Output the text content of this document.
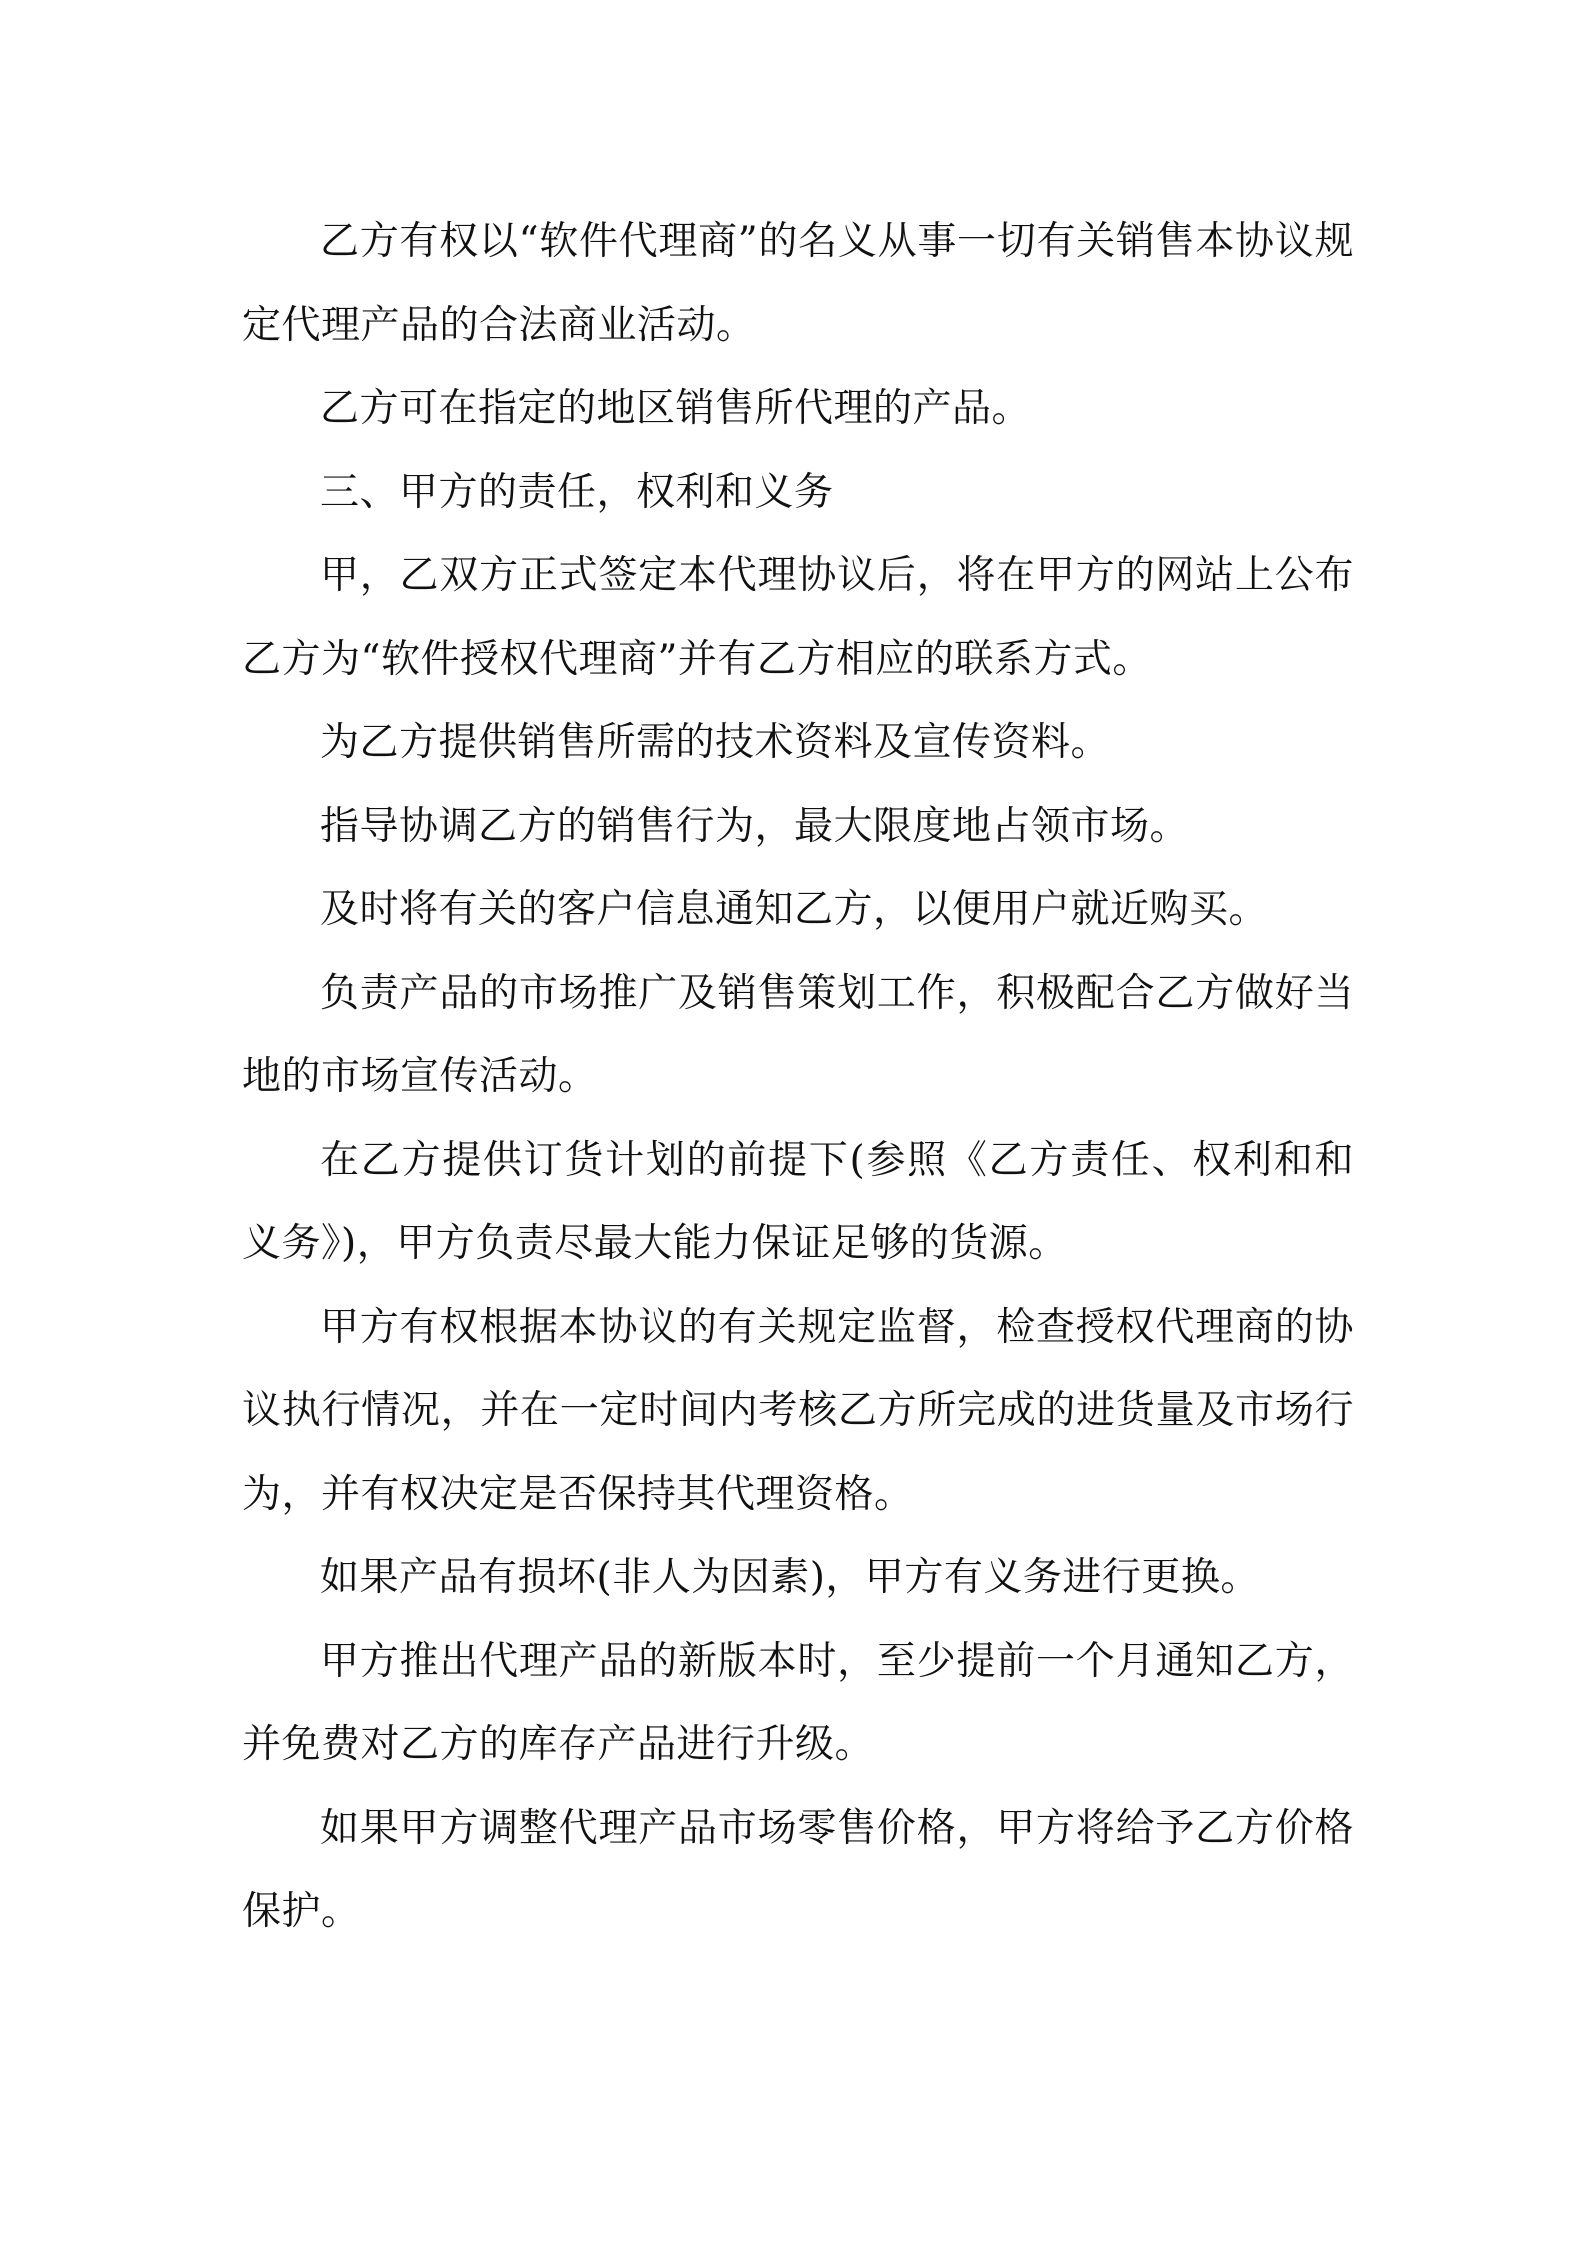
乙方有权以“软件代理商”的名义从事一切有关销售本协议规定代理产品的合法商业活动。

乙方可在指定的地区销售所代理的产品。

三、甲方的责任，权利和义务

甲，乙双方正式签定本代理协议后，将在甲方的网站上公布乙方为“软件授权代理商”并有乙方相应的联系方式。

为乙方提供销售所需的技术资料及宣传资料。

指导协调乙方的销售行为，最大限度地占领市场。

及时将有关的客户信息通知乙方，以便用户就近购买。

负责产品的市场推广及销售策划工作，积极配合乙方做好当地的市场宣传活动。

在乙方提供订货计划的前提下(参照《乙方责任、权利和和义务》)，甲方负责尽最大能力保证足够的货源。

甲方有权根据本协议的有关规定监督，检查授权代理商的协议执行情况，并在一定时间内考核乙方所完成的进货量及市场行为，并有权决定是否保持其代理资格。

如果产品有损坏(非人为因素)，甲方有义务进行更换。

甲方推出代理产品的新版本时，至少提前一个月通知乙方，并免费对乙方的库存产品进行升级。

如果甲方调整代理产品市场零售价格，甲方将给予乙方价格保护。
